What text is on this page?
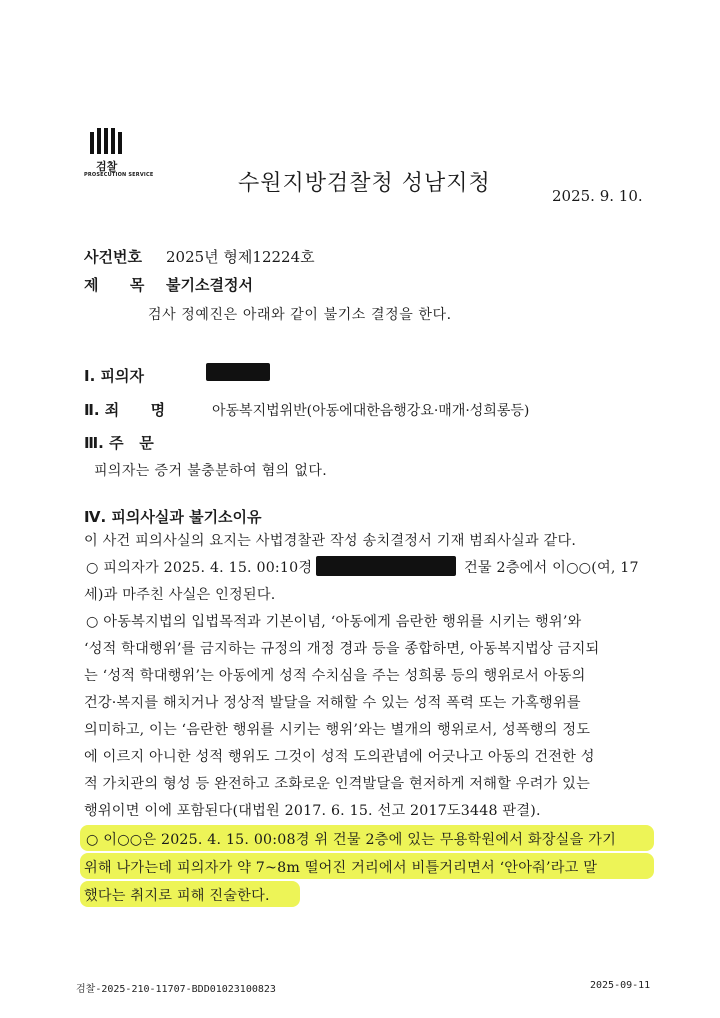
검찰
PROSECUTION SERVICE	수원지방검찰청 성남지청	2025. 9. 10.
사건번호 2025년 형제12224호
제      목 불기소결정서
검사 정예진은 아래와 같이 불기소 결정을 한다.
Ⅰ. 피의자
Ⅱ. 죄      명	아동복지법위반(아동에대한음행강요·매개·성희롱등)
Ⅲ. 주   문
피의자는 증거 불충분하여 혐의 없다.
Ⅳ. 피의사실과 불기소이유
이 사건 피의사실의 요지는 사법경찰관 작성 송치결정서 기재 범죄사실과 같다.
○ 피의자가 2025. 4. 15. 00:10경	건물 2층에서 이○○(여, 17
세)과 마주친 사실은 인정된다.
○ 아동복지법의 입법목적과 기본이념, ‘아동에게 음란한 행위를 시키는 행위’와
‘성적 학대행위’를 금지하는 규정의 개정 경과 등을 종합하면, 아동복지법상 금지되
는 ‘성적 학대행위’는 아동에게 성적 수치심을 주는 성희롱 등의 행위로서 아동의
건강·복지를 해치거나 정상적 발달을 저해할 수 있는 성적 폭력 또는 가혹행위를
의미하고, 이는 ‘음란한 행위를 시키는 행위’와는 별개의 행위로서, 성폭행의 정도
에 이르지 아니한 성적 행위도 그것이 성적 도의관념에 어긋나고 아동의 건전한 성
적 가치관의 형성 등 완전하고 조화로운 인격발달을 현저하게 저해할 우려가 있는
행위이면 이에 포함된다(대법원 2017. 6. 15. 선고 2017도3448 판결).
○ 이○○은 2025. 4. 15. 00:08경 위 건물 2층에 있는 무용학원에서 화장실을 가기
위해 나가는데 피의자가 약 7~8m 떨어진 거리에서 비틀거리면서 ‘안아줘’라고 말
했다는 취지로 피해 진술한다.
검찰-2025-210-11707-BDD01023100823	2025-09-11
